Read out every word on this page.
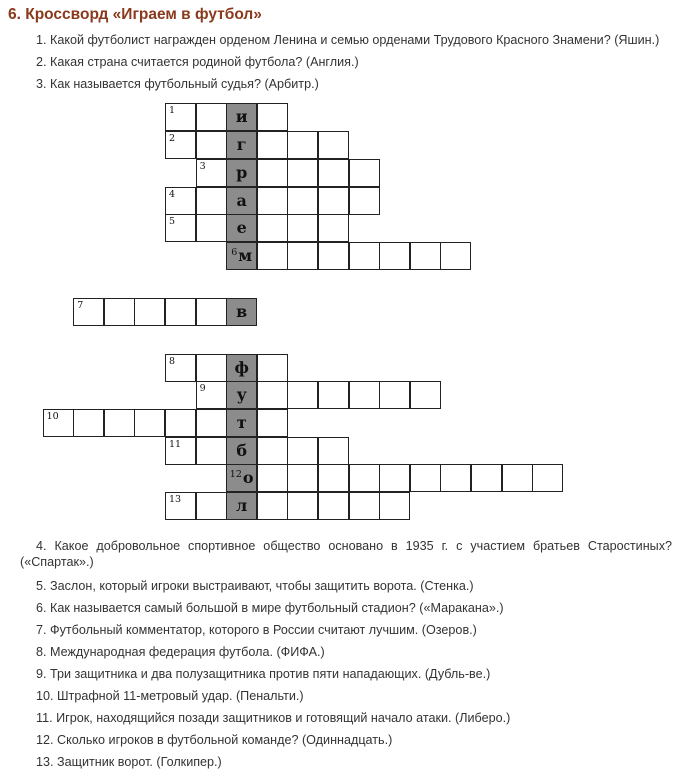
6. Кроссворд «Играем в футбол»
1. Какой футболист награжден орденом Ленина и семью орденами Трудового Красного Знамени? (Яшин.)
2. Какая страна считается родиной футбола? (Англия.)
3. Как называется футбольный судья? (Арбитр.)
1	и
2	г
3	р
4	а
5	е
$^6$м
7	в
8	ф
9	у
10	т
11	б
$^{12}$о
13	л
4. Какое добровольное спортивное общество основано в 1935 г. с участием братьев Старостиных? («Спартак».)
5. Заслон, который игроки выстраивают, чтобы защитить ворота. (Стенка.)
6. Как называется самый большой в мире футбольный стадион? («Маракана».)
7. Футбольный комментатор, которого в России считают лучшим. (Озеров.)
8. Международная федерация футбола. (ФИФА.)
9. Три защитника и два полузащитника против пяти нападающих. (Дубль-ве.)
10. Штрафной 11-метровый удар. (Пенальти.)
11. Игрок, находящийся позади защитников и готовящий начало атаки. (Либеро.)
12. Сколько игроков в футбольной команде? (Одиннадцать.)
13. Защитник ворот. (Голкипер.)
